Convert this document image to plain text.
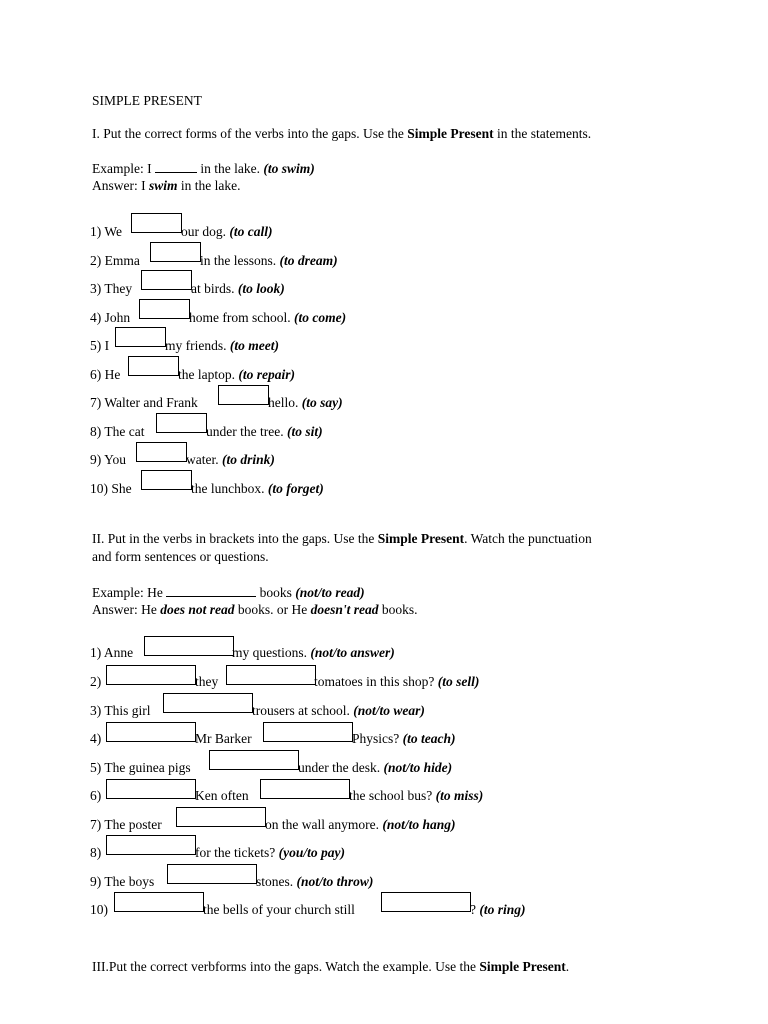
SIMPLE PRESENT
I. Put the correct forms of the verbs into the gaps. Use the Simple Present in the statements.
Example: I	in the lake. (to swim)
Answer: I swim in the lake.
1) We	our dog. (to call)
2) Emma	in the lessons. (to dream)
3) They	at birds. (to look)
4) John	home from school. (to come)
5) I	my friends. (to meet)
6) He	the laptop. (to repair)
7) Walter and Frank	hello. (to say)
8) The cat	under the tree. (to sit)
9) You	water. (to drink)
10) She	the lunchbox. (to forget)
II. Put in the verbs in brackets into the gaps. Use the Simple Present. Watch the punctuation
and form sentences or questions.
Example: He	books (not/to read)
Answer: He does not read books. or He doesn't read books.
1) Anne	my questions. (not/to answer)
2)	they	tomatoes in this shop? (to sell)
3) This girl	trousers at school. (not/to wear)
4)	Mr Barker	Physics? (to teach)
5) The guinea pigs	under the desk. (not/to hide)
6)	Ken often	the school bus? (to miss)
7) The poster	on the wall anymore. (not/to hang)
8)	for the tickets? (you/to pay)
9) The boys	stones. (not/to throw)
10)	the bells of your church still	? (to ring)
III.Put the correct verbforms into the gaps. Watch the example. Use the Simple Present.
